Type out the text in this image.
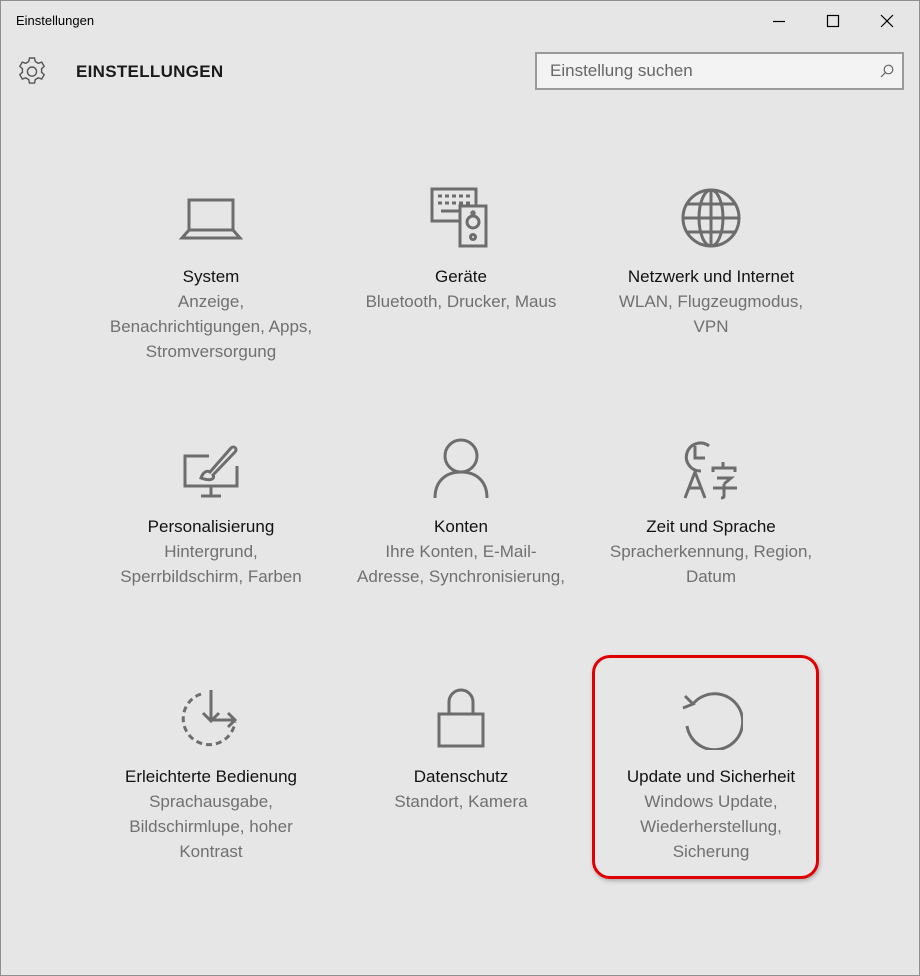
Einstellungen
EINSTELLUNGEN
Einstellung suchen
System
Anzeige, Benachrichtigungen, Apps, Stromversorgung
Geräte
Bluetooth, Drucker, Maus
Netzwerk und Internet
WLAN, Flugzeugmodus, VPN
Personalisierung
Hintergrund, Sperrbildschirm, Farben
Konten
Ihre Konten, E-Mail-Adresse, Synchronisierung,
Zeit und Sprache
Spracherkennung, Region, Datum
Erleichterte Bedienung
Sprachausgabe, Bildschirmlupe, hoher Kontrast
Datenschutz
Standort, Kamera
Update und Sicherheit
Windows Update, Wiederherstellung, Sicherung
